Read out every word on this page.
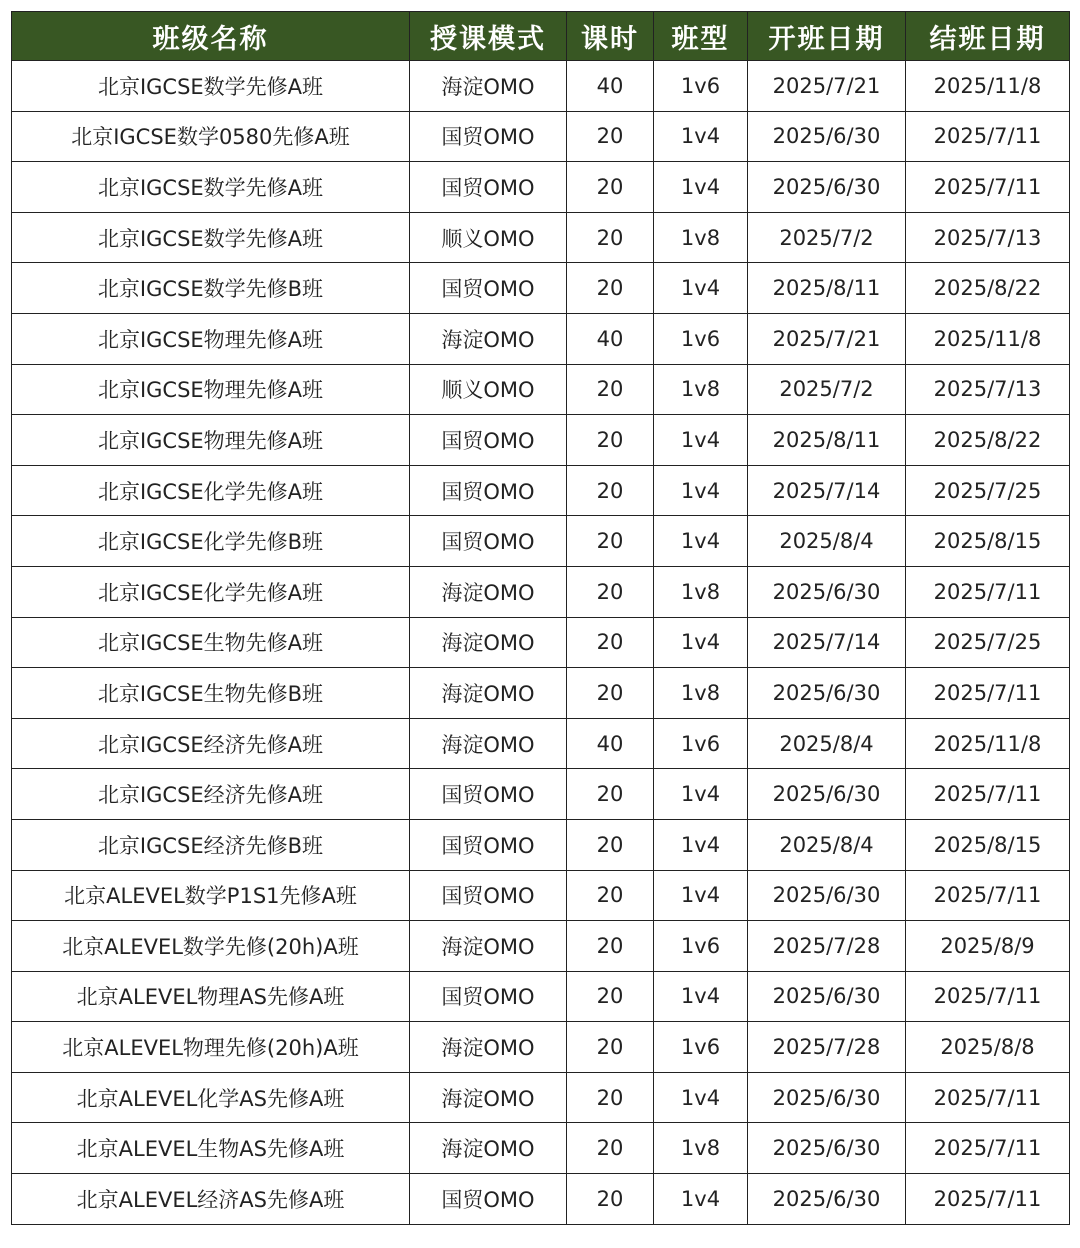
班级名称	授课模式	课时	班型	开班日期	结班日期
北京IGCSE数学先修A班	海淀OMO	40	1v6	2025/7/21	2025/11/8
北京IGCSE数学0580先修A班	国贸OMO	20	1v4	2025/6/30	2025/7/11
北京IGCSE数学先修A班	国贸OMO	20	1v4	2025/6/30	2025/7/11
北京IGCSE数学先修A班	顺义OMO	20	1v8	2025/7/2	2025/7/13
北京IGCSE数学先修B班	国贸OMO	20	1v4	2025/8/11	2025/8/22
北京IGCSE物理先修A班	海淀OMO	40	1v6	2025/7/21	2025/11/8
北京IGCSE物理先修A班	顺义OMO	20	1v8	2025/7/2	2025/7/13
北京IGCSE物理先修A班	国贸OMO	20	1v4	2025/8/11	2025/8/22
北京IGCSE化学先修A班	国贸OMO	20	1v4	2025/7/14	2025/7/25
北京IGCSE化学先修B班	国贸OMO	20	1v4	2025/8/4	2025/8/15
北京IGCSE化学先修A班	海淀OMO	20	1v8	2025/6/30	2025/7/11
北京IGCSE生物先修A班	海淀OMO	20	1v4	2025/7/14	2025/7/25
北京IGCSE生物先修B班	海淀OMO	20	1v8	2025/6/30	2025/7/11
北京IGCSE经济先修A班	海淀OMO	40	1v6	2025/8/4	2025/11/8
北京IGCSE经济先修A班	国贸OMO	20	1v4	2025/6/30	2025/7/11
北京IGCSE经济先修B班	国贸OMO	20	1v4	2025/8/4	2025/8/15
北京ALEVEL数学P1S1先修A班	国贸OMO	20	1v4	2025/6/30	2025/7/11
北京ALEVEL数学先修(20h)A班	海淀OMO	20	1v6	2025/7/28	2025/8/9
北京ALEVEL物理AS先修A班	国贸OMO	20	1v4	2025/6/30	2025/7/11
北京ALEVEL物理先修(20h)A班	海淀OMO	20	1v6	2025/7/28	2025/8/8
北京ALEVEL化学AS先修A班	海淀OMO	20	1v4	2025/6/30	2025/7/11
北京ALEVEL生物AS先修A班	海淀OMO	20	1v8	2025/6/30	2025/7/11
北京ALEVEL经济AS先修A班	国贸OMO	20	1v4	2025/6/30	2025/7/11
